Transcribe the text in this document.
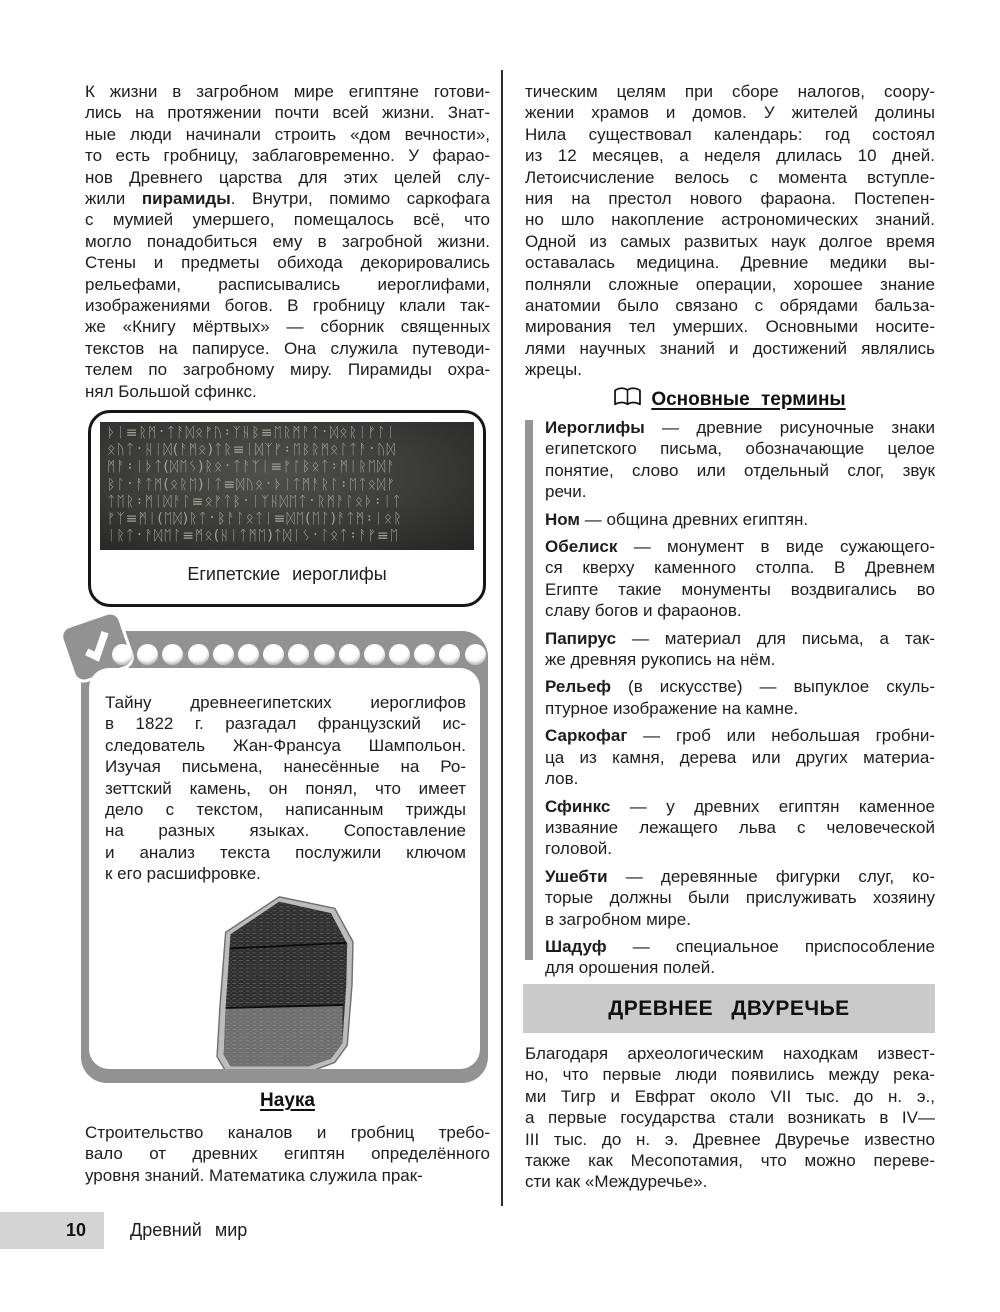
К жизни в загробном мире египтяне готови-
лись на протяжении почти всей жизни. Знат-
ные люди начинали строить «дом вечности»,
то есть гробницу, заблаговременно. У фарао-
нов Древнего царства для этих целей слу-
жили пирамиды. Внутри, помимо саркофага
с мумией умершего, помещалось всё, что
могло понадобиться ему в загробной жизни.
Стены и предметы обихода декорировались
рельефами, расписывались иероглифами,
изображениями богов. В гробницу клали так-
же «Книгу мёртвых» — сборник священных
текстов на папирусе. Она служила путеводи-
телем по загробному миру. Пирамиды охра-
нял Большой сфинкс.
ᚦᛁ≡ᚱᛗ᛫ᛏᚨᛞᛟᚠᚢ᛬ᛉᚺᛒ≡ᛖᚱᛗᚨᛏ᛫ᛞᛟᚱᛁᚠᛚᛁ
ᛟᚢᛏ᛫ᚺᛁᛞ(ᚨᛗᛟ)ᛏᚱ≡ᛁᛞᛉᚠ᛬ᛖᛒᚱᛗᛟᛚᛏᚨ᛫ᚢᛞ
ᛗᚨ᛬ᛁᚦᛏ(ᛞᛖᛊ)ᚱᛟ᛫ᛏᚨᛉᛁ≡ᚠᛚᛒᛟᛏ᛬ᛗᛁᚱᛖᛞᚨ
ᛒᛚ᛫ᚨᛏᛗ(ᛟᚱᛖ)ᛁᛏ≡ᛞᚢᛟ᛫ᚦᛁᛏᛗᚨᚱᛚ᛬ᛖᛏᛟᛞᚠ
ᛏᛖᚱ᛬ᛗᛁᛞᚨᛚ≡ᛟᚠᛏᛒ᛫ᛁᛉᚺᛞᛖᛏ᛫ᚱᛗᚨᛚᛟᚦ᛬ᛁᛏ
ᚠᛉ≡ᛗᛁ(ᛖᛞ)ᚱᛏ᛫ᛒᚨᛚᛟᛏᛁ≡ᛞᛖ(ᛖᛚ)ᚨᛏᛗ᛬ᛁᛟᚱ
ᛁᚱᛏ᛫ᚨᛞᛖᛚ≡ᛗᛟ(ᚺᛁᛏᛗᛖ)ᛏᛞᛁᛊ᛫ᛚᛟᛏ᛬ᚨᚠ≡ᛖ
Египетские иероглифы
Тайну древнеегипетских иероглифов
в 1822 г. разгадал французский ис-
следователь Жан-Франсуа Шампольон.
Изучая письмена, нанесённые на Ро-
зеттский камень, он понял, что имеет
дело с текстом, написанным трижды
на разных языках. Сопоставление
и анализ текста послужили ключом
к его расшифровке.
Наука
Строительство каналов и гробниц требо-
вало от древних египтян определённого
уровня знаний. Математика служила прак-
тическим целям при сборе налогов, соору-
жении храмов и домов. У жителей долины
Нила существовал календарь: год состоял
из 12 месяцев, а неделя длилась 10 дней.
Летоисчисление велось с момента вступле-
ния на престол нового фараона. Постепен-
но шло накопление астрономических знаний.
Одной из самых развитых наук долгое время
оставалась медицина. Древние медики вы-
полняли сложные операции, хорошее знание
анатомии было связано с обрядами бальза-
мирования тел умерших. Основными носите-
лями научных знаний и достижений являлись
жрецы.
Основные термины
Иероглифы — древние рисуночные знаки
египетского письма, обозначающие целое
понятие, слово или отдельный слог, звук
речи.
Ном — община древних египтян.
Обелиск — монумент в виде сужающего-
ся кверху каменного столпа. В Древнем
Египте такие монументы воздвигались во
славу богов и фараонов.
Папирус — материал для письма, а так-
же древняя рукопись на нём.
Рельеф (в искусстве) — выпуклое скуль-
птурное изображение на камне.
Саркофаг — гроб или небольшая гробни-
ца из камня, дерева или других материа-
лов.
Сфинкс — у древних египтян каменное
изваяние лежащего льва с человеческой
головой.
Ушебти — деревянные фигурки слуг, ко-
торые должны были прислуживать хозяину
в загробном мире.
Шадуф — специальное приспособление
для орошения полей.
ДРЕВНЕЕ ДВУРЕЧЬЕ
Благодаря археологическим находкам извест-
но, что первые люди появились между река-
ми Тигр и Евфрат около VII тыс. до н. э.,
а первые государства стали возникать в IV—
III тыс. до н. э. Древнее Двуречье известно
также как Месопотамия, что можно переве-
сти как «Междуречье».
10 Древний мир
